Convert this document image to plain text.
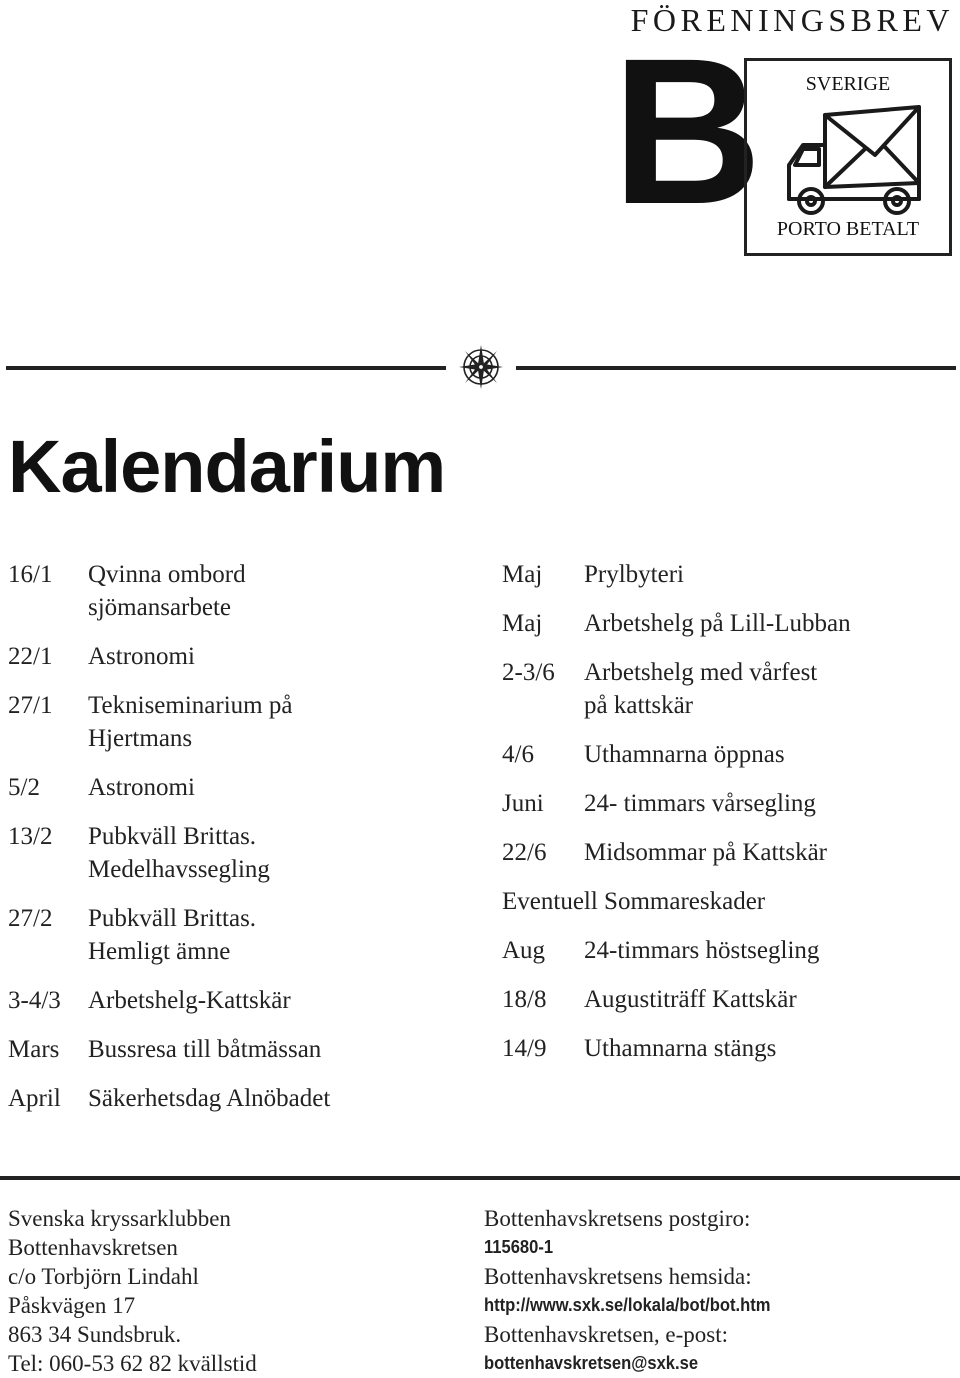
FÖRENINGSBREV
B	SVERIGE
PORTO BETALT
Kalendarium
16/1	Qvinna ombord
sjömansarbete
22/1	Astronomi
27/1	Tekniseminarium på
Hjertmans
5/2	Astronomi
13/2	Pubkväll Brittas.
Medelhavssegling
27/2	Pubkväll Brittas.
Hemligt ämne
3-4/3	Arbetshelg-Kattskär
Mars	Bussresa till båtmässan
April	Säkerhetsdag Alnöbadet
Maj	Prylbyteri
Maj	Arbetshelg på Lill-Lubban
2-3/6	Arbetshelg med vårfest
på kattskär
4/6	Uthamnarna öppnas
Juni	24- timmars vårsegling
22/6	Midsommar på Kattskär
Eventuell Sommareskader
Aug	24-timmars höstsegling
18/8	Augustiträff Kattskär
14/9	Uthamnarna stängs
Svenska kryssarklubben
Bottenhavskretsen
c/o Torbjörn Lindahl
Påskvägen 17
863 34 Sundsbruk.
Tel: 060-53 62 82 kvällstid
Bottenhavskretsens postgiro:
115680-1
Bottenhavskretsens hemsida:
http://www.sxk.se/lokala/bot/bot.htm
Bottenhavskretsen, e-post:
bottenhavskretsen@sxk.se
